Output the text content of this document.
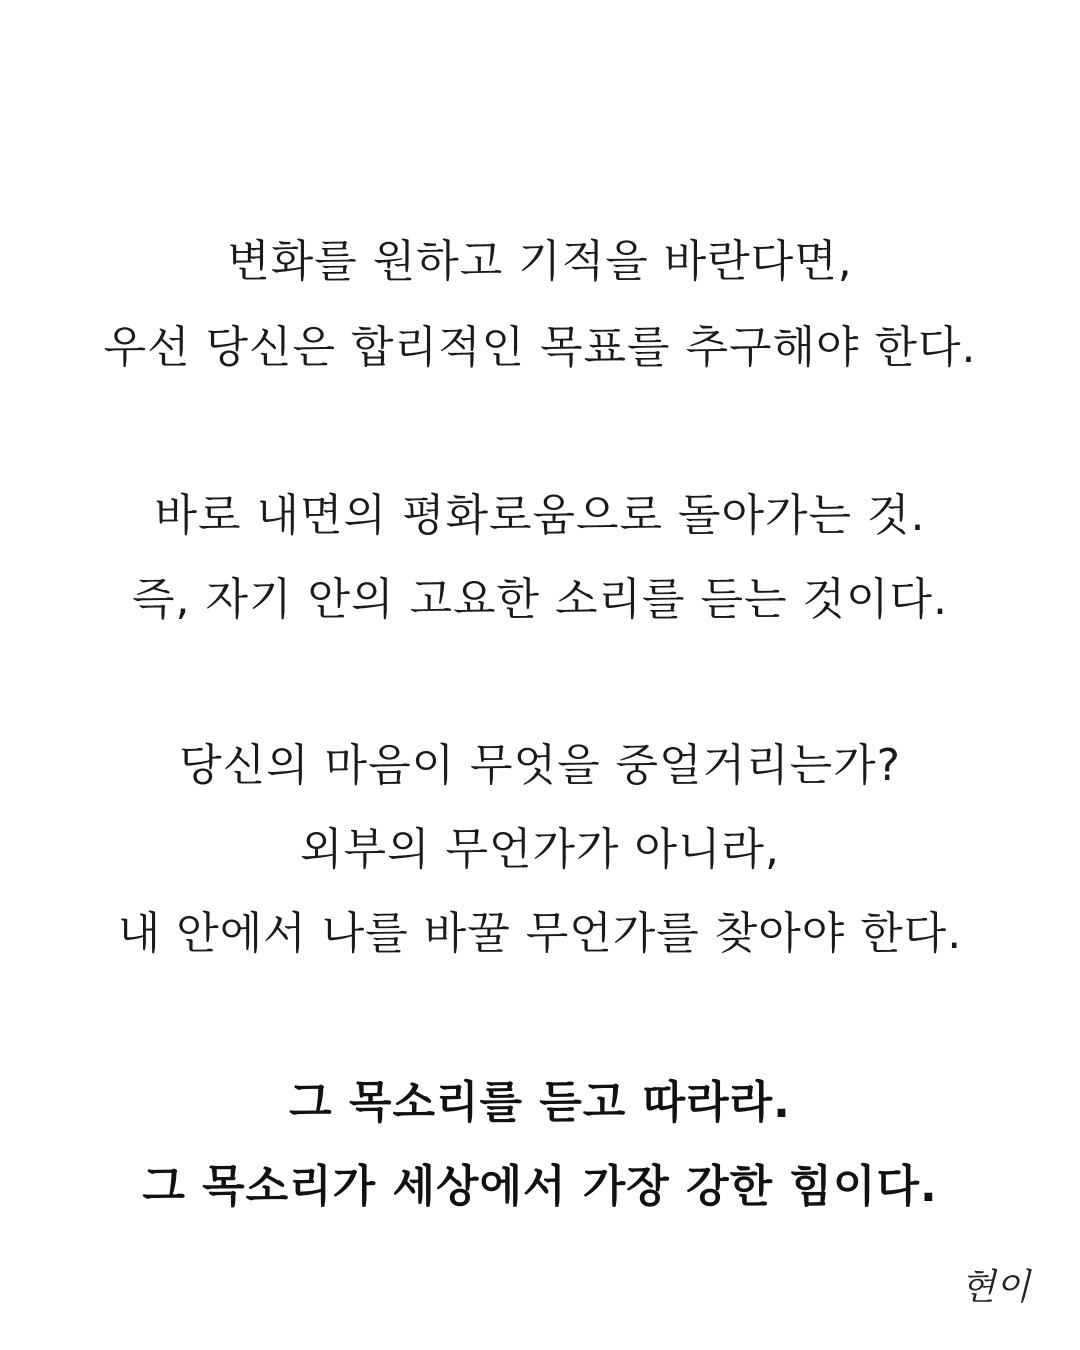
변화를 원하고 기적을 바란다면,
우선 당신은 합리적인 목표를 추구해야 한다.
바로 내면의 평화로움으로 돌아가는 것.
즉, 자기 안의 고요한 소리를 듣는 것이다.
당신의 마음이 무엇을 중얼거리는가?
외부의 무언가가 아니라,
내 안에서 나를 바꿀 무언가를 찾아야 한다.
그 목소리를 듣고 따라라.
그 목소리가 세상에서 가장 강한 힘이다.
현이
